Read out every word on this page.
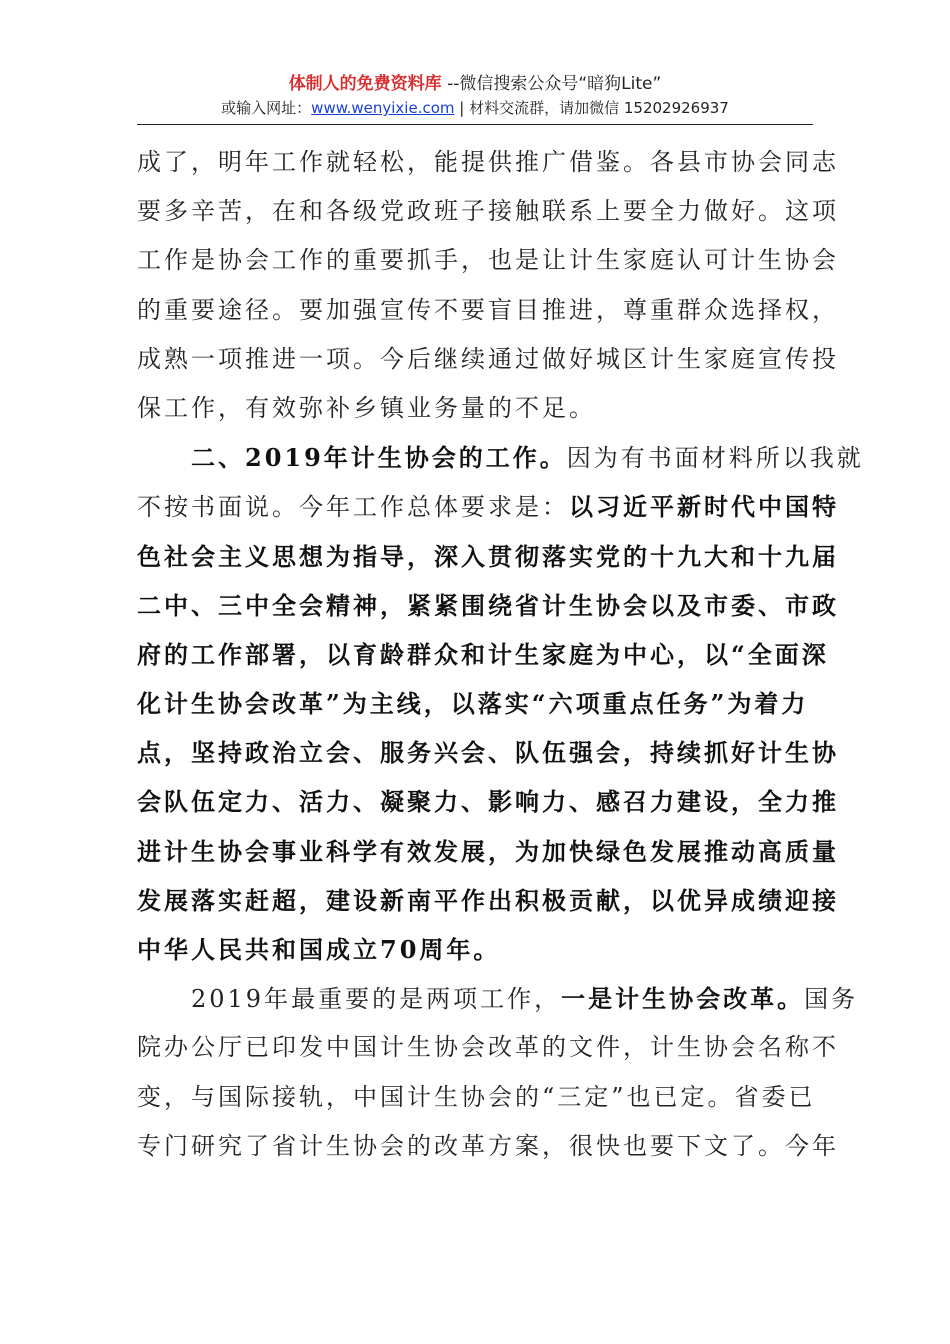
体制人的免费资料库 --微信搜索公众号“暗狗Lite”
或输入网址：www.wenyixie.com | 材料交流群，请加微信 15202926937
成了，明年工作就轻松，能提供推广借鉴。各县市协会同志
要多辛苦，在和各级党政班子接触联系上要全力做好。这项
工作是协会工作的重要抓手，也是让计生家庭认可计生协会
的重要途径。要加强宣传不要盲目推进，尊重群众选择权，
成熟一项推进一项。今后继续通过做好城区计生家庭宣传投
保工作，有效弥补乡镇业务量的不足。
　　二、2019年计生协会的工作。因为有书面材料所以我就
不按书面说。今年工作总体要求是：以习近平新时代中国特
色社会主义思想为指导，深入贯彻落实党的十九大和十九届
二中、三中全会精神，紧紧围绕省计生协会以及市委、市政
府的工作部署，以育龄群众和计生家庭为中心，以“全面深
化计生协会改革”为主线，以落实“六项重点任务”为着力
点，坚持政治立会、服务兴会、队伍强会，持续抓好计生协
会队伍定力、活力、凝聚力、影响力、感召力建设，全力推
进计生协会事业科学有效发展，为加快绿色发展推动高质量
发展落实赶超，建设新南平作出积极贡献，以优异成绩迎接
中华人民共和国成立70周年。
　　2019年最重要的是两项工作，一是计生协会改革。国务
院办公厅已印发中国计生协会改革的文件，计生协会名称不
变，与国际接轨，中国计生协会的“三定”也已定。省委已
专门研究了省计生协会的改革方案，很快也要下文了。今年
